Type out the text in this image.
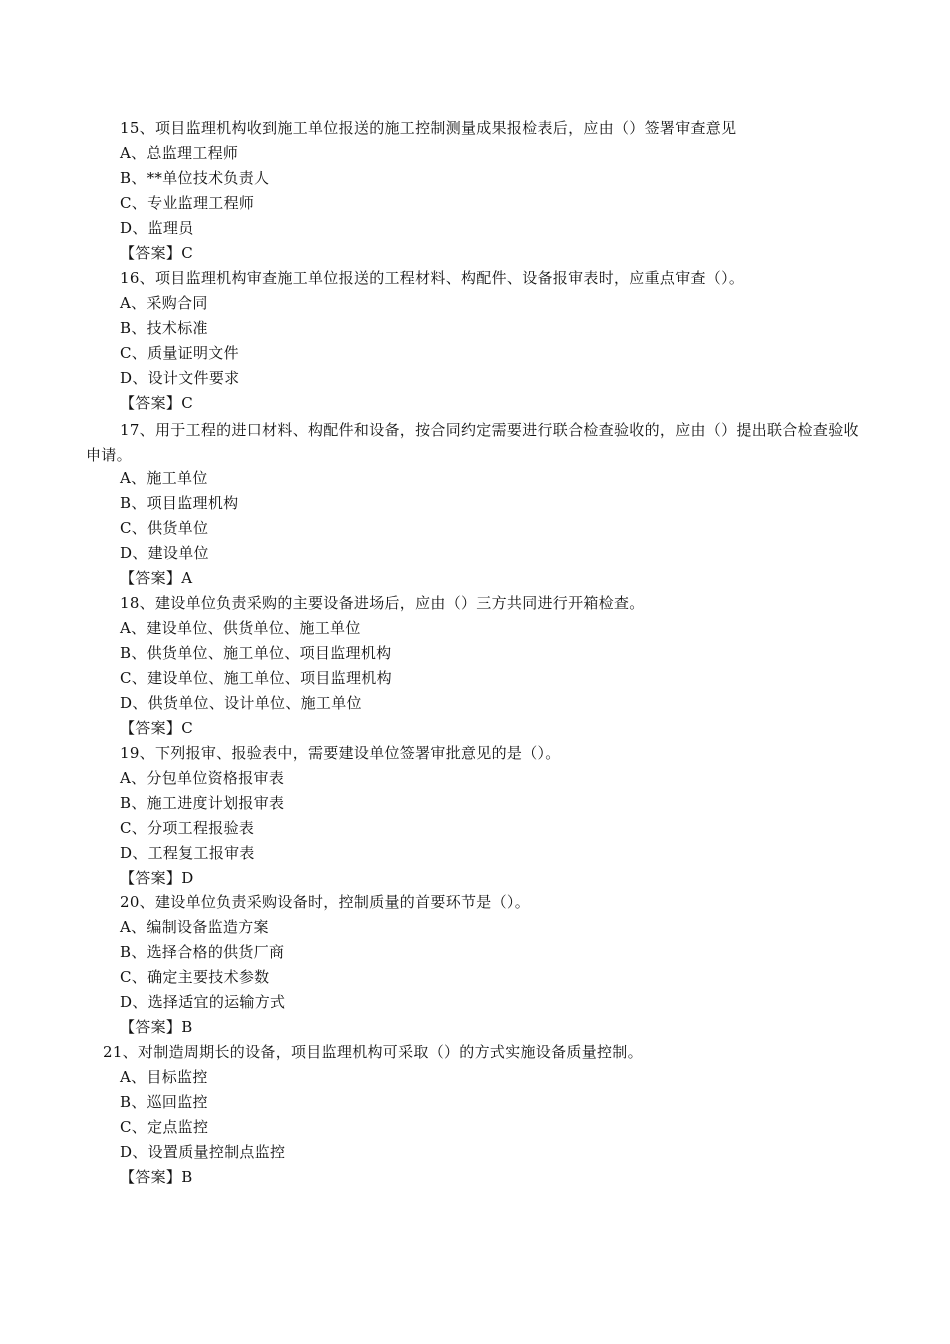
15、项目监理机构收到施工单位报送的施工控制测量成果报检表后，应由（）签署审查意见
A、总监理工程师
B、**单位技术负责人
C、专业监理工程师
D、监理员
【答案】C
16、项目监理机构审查施工单位报送的工程材料、构配件、设备报审表时，应重点审查（）。
A、采购合同
B、技术标准
C、质量证明文件
D、设计文件要求
【答案】C
17、用于工程的进口材料、构配件和设备，按合同约定需要进行联合检查验收的，应由（）提出联合检查验收申请。
A、施工单位
B、项目监理机构
C、供货单位
D、建设单位
【答案】A
18、建设单位负责采购的主要设备进场后，应由（）三方共同进行开箱检查。
A、建设单位、供货单位、施工单位
B、供货单位、施工单位、项目监理机构
C、建设单位、施工单位、项目监理机构
D、供货单位、设计单位、施工单位
【答案】C
19、下列报审、报验表中，需要建设单位签署审批意见的是（）。
A、分包单位资格报审表
B、施工进度计划报审表
C、分项工程报验表
D、工程复工报审表
【答案】D
20、建设单位负责采购设备时，控制质量的首要环节是（）。
A、编制设备监造方案
B、选择合格的供货厂商
C、确定主要技术参数
D、选择适宜的运输方式
【答案】B
21、对制造周期长的设备，项目监理机构可采取（）的方式实施设备质量控制。
A、目标监控
B、巡回监控
C、定点监控
D、设置质量控制点监控
【答案】B
